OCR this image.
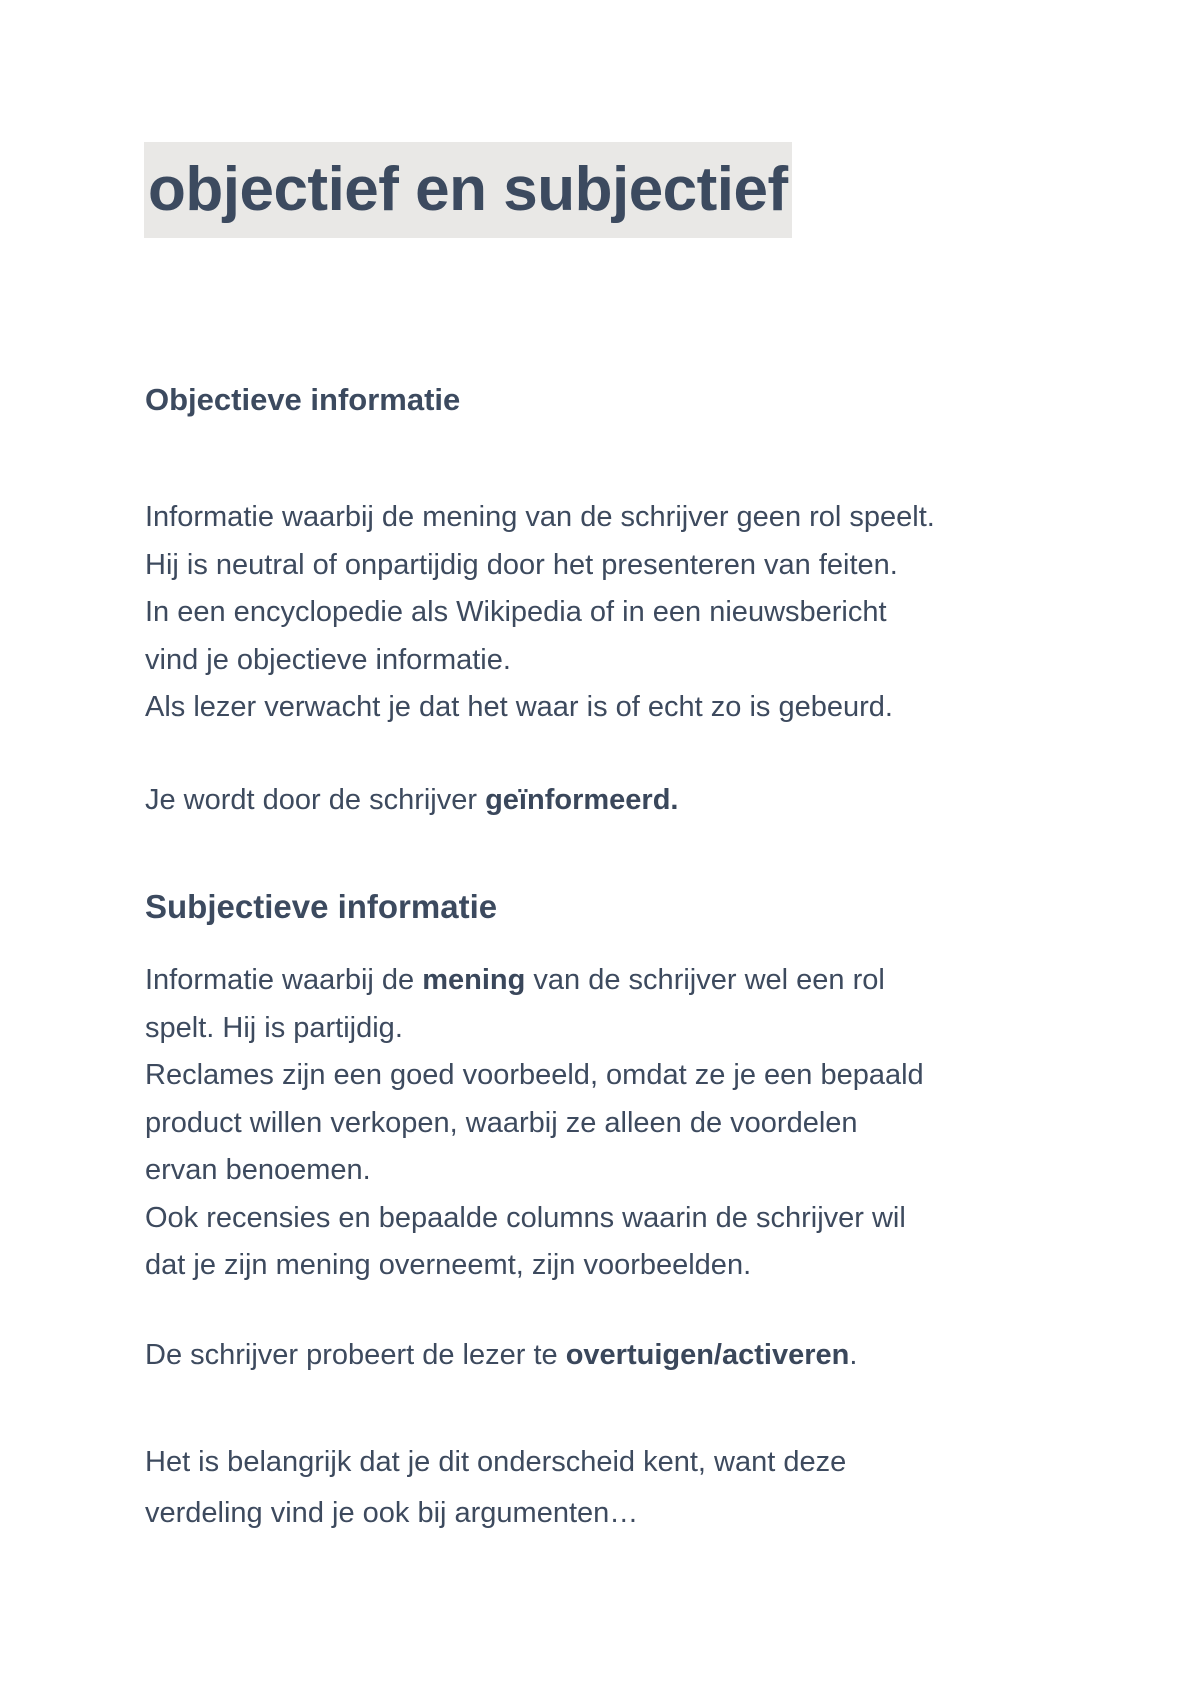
objectief en subjectief
Objectieve informatie

Informatie waarbij de mening van de schrijver geen rol speelt.
Hij is neutral of onpartijdig door het presenteren van feiten.
In een encyclopedie als Wikipedia of in een nieuwsbericht
vind je objectieve informatie.
Als lezer verwacht je dat het waar is of echt zo is gebeurd.

Je wordt door de schrijver geïnformeerd.

Subjectieve informatie

Informatie waarbij de mening van de schrijver wel een rol
spelt. Hij is partijdig.
Reclames zijn een goed voorbeeld, omdat ze je een bepaald
product willen verkopen, waarbij ze alleen de voordelen
ervan benoemen.
Ook recensies en bepaalde columns waarin de schrijver wil
dat je zijn mening overneemt, zijn voorbeelden.

De schrijver probeert de lezer te overtuigen/activeren.

Het is belangrijk dat je dit onderscheid kent, want deze
verdeling vind je ook bij argumenten…
